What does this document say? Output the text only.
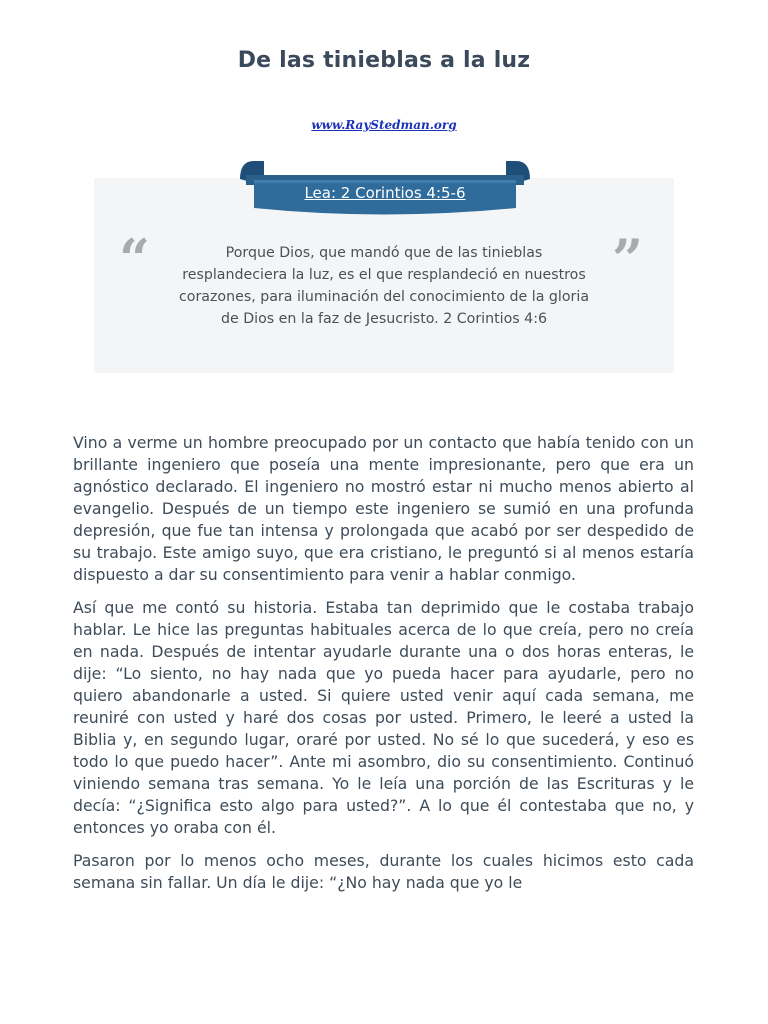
De las tinieblas a la luz
www.RayStedman.org
Lea: 2 Corintios 4:5-6
“	”
Porque Dios, que mandó que de las tinieblas resplandeciera la luz, es el que resplandeció en nuestros corazones, para iluminación del conocimiento de la gloria de Dios en la faz de Jesucristo. 2 Corintios 4:6

Vino a verme un hombre preocupado por un contacto que había tenido con un brillante ingeniero que poseía una mente impresionante, pero que era un agnóstico declarado. El ingeniero no mostró estar ni mucho menos abierto al evangelio. Después de un tiempo este ingeniero se sumió en una profunda depresión, que fue tan intensa y prolongada que acabó por ser despedido de su trabajo. Este amigo suyo, que era cristiano, le preguntó si al menos estaría dispuesto a dar su consentimiento para venir a hablar conmigo.

Así que me contó su historia. Estaba tan deprimido que le costaba trabajo hablar. Le hice las preguntas habituales acerca de lo que creía, pero no creía en nada. Después de intentar ayudarle durante una o dos horas enteras, le dije: “Lo siento, no hay nada que yo pueda hacer para ayudarle, pero no quiero abandonarle a usted. Si quiere usted venir aquí cada semana, me reuniré con usted y haré dos cosas por usted. Primero, le leeré a usted la Biblia y, en segundo lugar, oraré por usted. No sé lo que sucederá, y eso es todo lo que puedo hacer”. Ante mi asombro, dio su consentimiento. Continuó viniendo semana tras semana. Yo le leía una porción de las Escrituras y le decía: “¿Significa esto algo para usted?”. A lo que él contestaba que no, y entonces yo oraba con él.

Pasaron por lo menos ocho meses, durante los cuales hicimos esto cada semana sin fallar. Un día le dije: “¿No hay nada que yo le
